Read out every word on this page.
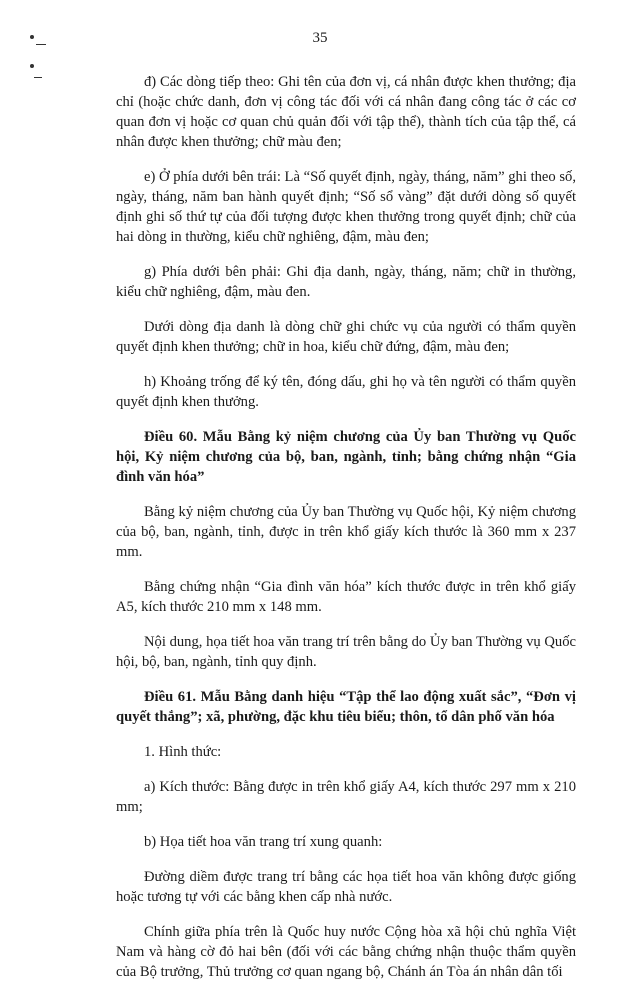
35

đ) Các dòng tiếp theo: Ghi tên của đơn vị, cá nhân được khen thưởng; địa chỉ (hoặc chức danh, đơn vị công tác đối với cá nhân đang công tác ở các cơ quan đơn vị hoặc cơ quan chủ quản đối với tập thể), thành tích của tập thể, cá nhân được khen thưởng; chữ màu đen;

e) Ở phía dưới bên trái: Là “Số quyết định, ngày, tháng, năm” ghi theo số, ngày, tháng, năm ban hành quyết định; “Số sổ vàng” đặt dưới dòng số quyết định ghi số thứ tự của đối tượng được khen thưởng trong quyết định; chữ của hai dòng in thường, kiểu chữ nghiêng, đậm, màu đen;

g) Phía dưới bên phải: Ghi địa danh, ngày, tháng, năm; chữ in thường, kiểu chữ nghiêng, đậm, màu đen.

Dưới dòng địa danh là dòng chữ ghi chức vụ của người có thẩm quyền quyết định khen thưởng; chữ in hoa, kiểu chữ đứng, đậm, màu đen;

h) Khoảng trống để ký tên, đóng dấu, ghi họ và tên người có thẩm quyền quyết định khen thưởng.

Điều 60. Mẫu Bằng kỷ niệm chương của Ủy ban Thường vụ Quốc hội, Kỷ niệm chương của bộ, ban, ngành, tỉnh; bằng chứng nhận “Gia đình văn hóa”

Bằng kỷ niệm chương của Ủy ban Thường vụ Quốc hội, Kỷ niệm chương của bộ, ban, ngành, tỉnh, được in trên khổ giấy kích thước là 360 mm x 237 mm.

Bằng chứng nhận “Gia đình văn hóa” kích thước được in trên khổ giấy A5, kích thước 210 mm x 148 mm.

Nội dung, họa tiết hoa văn trang trí trên bằng do Ủy ban Thường vụ Quốc hội, bộ, ban, ngành, tỉnh quy định.

Điều 61. Mẫu Bằng danh hiệu “Tập thể lao động xuất sắc”, “Đơn vị quyết thắng”; xã, phường, đặc khu tiêu biểu; thôn, tổ dân phố văn hóa

1. Hình thức:

a) Kích thước: Bằng được in trên khổ giấy A4, kích thước 297 mm x 210 mm;

b) Họa tiết hoa văn trang trí xung quanh:

Đường diềm được trang trí bằng các họa tiết hoa văn không được giống hoặc tương tự với các bằng khen cấp nhà nước.

Chính giữa phía trên là Quốc huy nước Cộng hòa xã hội chủ nghĩa Việt Nam và hàng cờ đỏ hai bên (đối với các bằng chứng nhận thuộc thẩm quyền của Bộ trưởng, Thủ trưởng cơ quan ngang bộ, Chánh án Tòa án nhân dân tối
